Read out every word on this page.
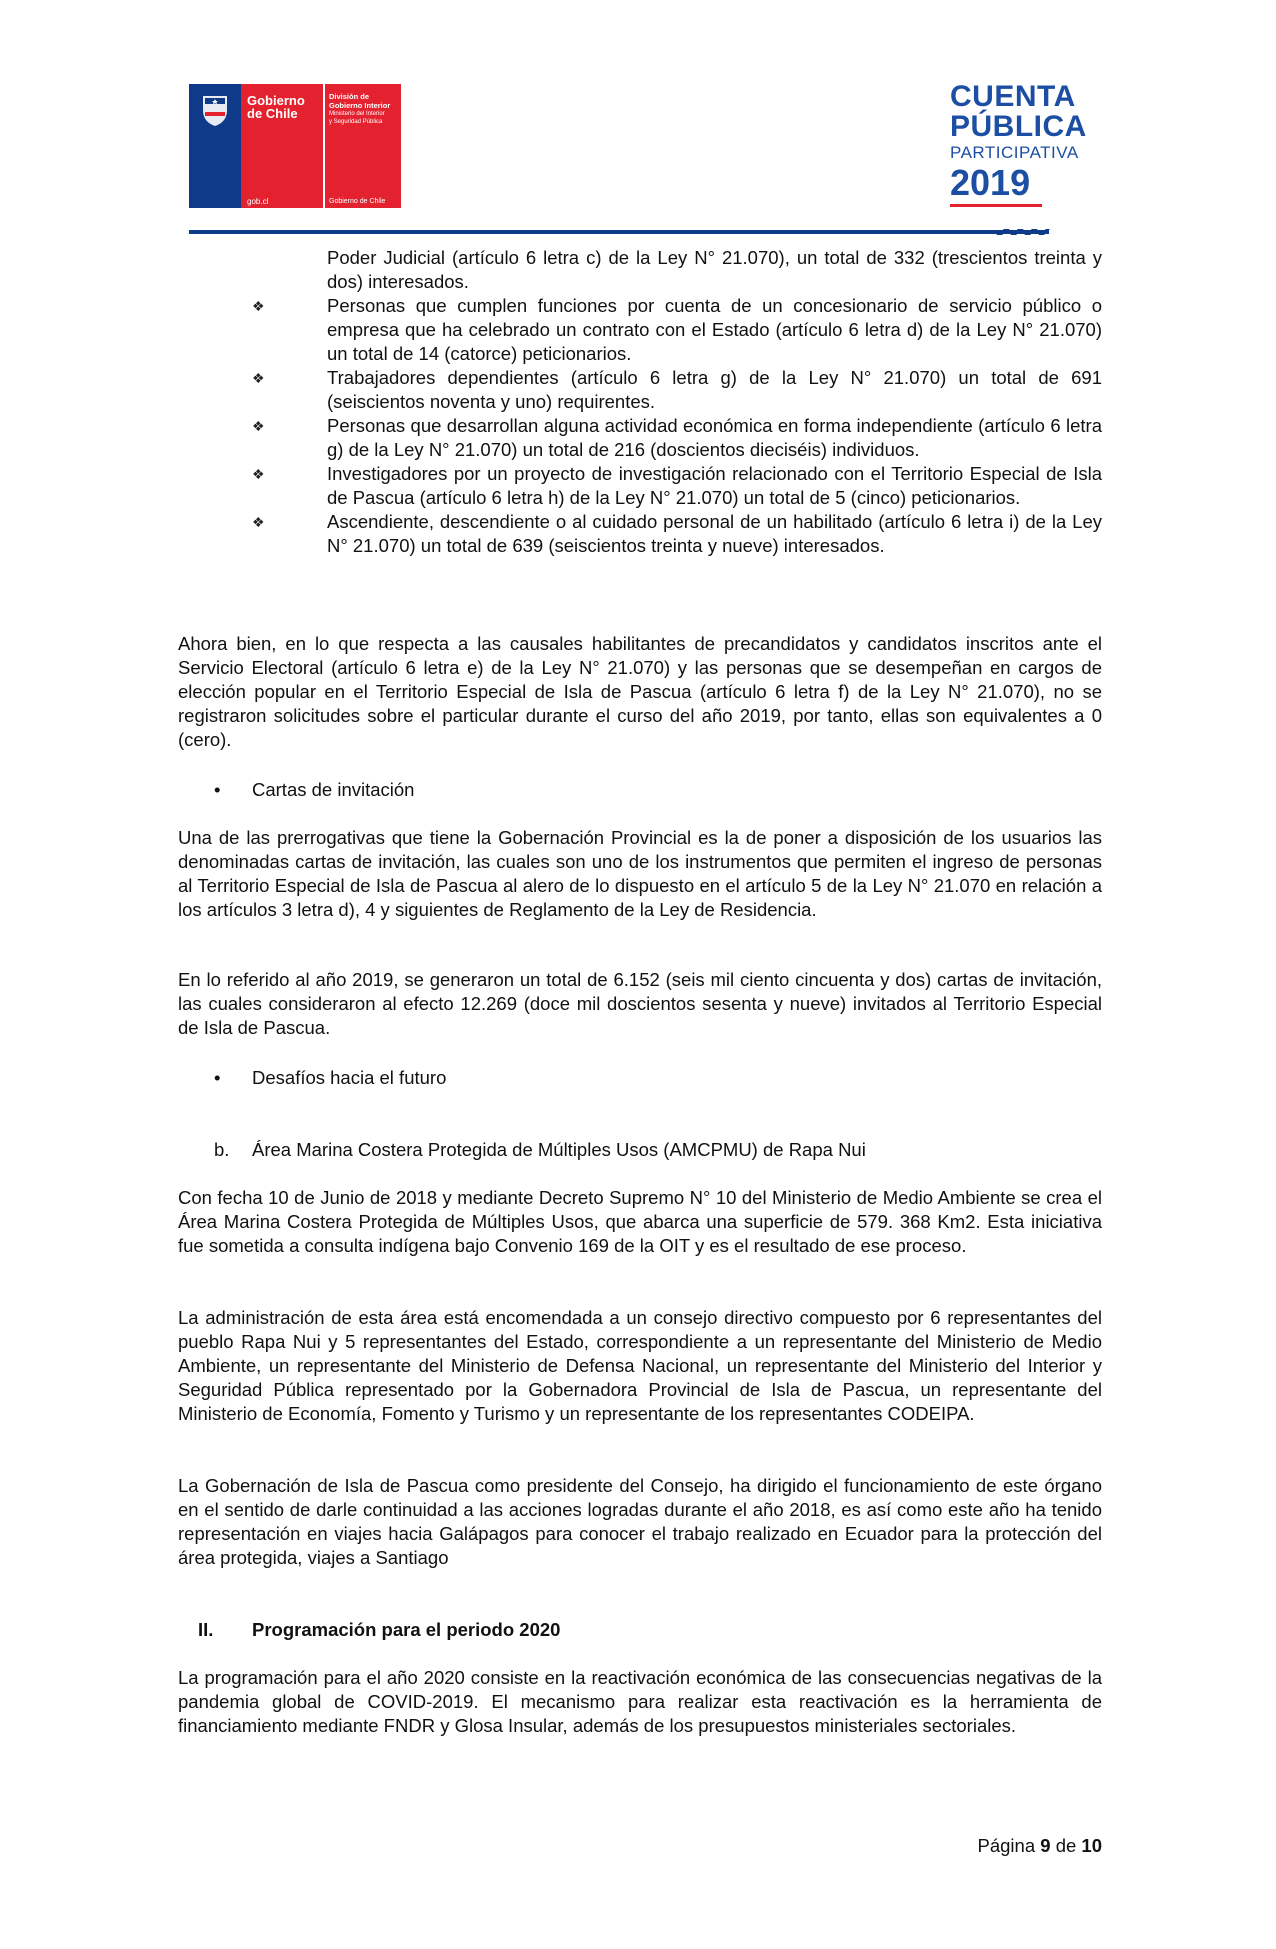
Gobierno
de Chile
gob.cl
División de
Gobierno Interior
Ministerio del Interior
y Seguridad Pública
Gobierno de Chile
CUENTA
PÚBLICA
PARTICIPATIVA
2019
Poder Judicial (artículo 6 letra c) de la Ley N° 21.070), un total de 332 (trescientos treinta y dos) interesados.
❖	Personas que cumplen funciones por cuenta de un concesionario de servicio público o empresa que ha celebrado un contrato con el Estado (artículo 6 letra d) de la Ley N° 21.070) un total de 14 (catorce) peticionarios.
❖	Trabajadores dependientes (artículo 6 letra g) de la Ley N° 21.070) un total de 691 (seiscientos noventa y uno) requirentes.
❖	Personas que desarrollan alguna actividad económica en forma independiente (artículo 6 letra g) de la Ley N° 21.070) un total de 216 (doscientos dieciséis) individuos.
❖	Investigadores por un proyecto de investigación relacionado con el Territorio Especial de Isla de Pascua (artículo 6 letra h) de la Ley N° 21.070) un total de 5 (cinco) peticionarios.
❖	Ascendiente, descendiente o al cuidado personal de un habilitado (artículo 6 letra i) de la Ley N° 21.070) un total de 639 (seiscientos treinta y nueve) interesados.

Ahora bien, en lo que respecta a las causales habilitantes de precandidatos y candidatos inscritos ante el Servicio Electoral (artículo 6 letra e) de la Ley N° 21.070) y las personas que se desempeñan en cargos de elección popular en el Territorio Especial de Isla de Pascua (artículo 6 letra f) de la Ley N° 21.070), no se registraron solicitudes sobre el particular durante el curso del año 2019, por tanto, ellas son equivalentes a 0 (cero).

• Cartas de invitación

Una de las prerrogativas que tiene la Gobernación Provincial es la de poner a disposición de los usuarios las denominadas cartas de invitación, las cuales son uno de los instrumentos que permiten el ingreso de personas al Territorio Especial de Isla de Pascua al alero de lo dispuesto en el artículo 5 de la Ley N° 21.070 en relación a los artículos 3 letra d), 4 y siguientes de Reglamento de la Ley de Residencia.

En lo referido al año 2019, se generaron un total de 6.152 (seis mil ciento cincuenta y dos) cartas de invitación, las cuales consideraron al efecto 12.269 (doce mil doscientos sesenta y nueve) invitados al Territorio Especial de Isla de Pascua.

• Desafíos hacia el futuro
b. Área Marina Costera Protegida de Múltiples Usos (AMCPMU) de Rapa Nui

Con fecha 10 de Junio de 2018 y mediante Decreto Supremo N° 10 del Ministerio de Medio Ambiente se crea el Área Marina Costera Protegida de Múltiples Usos, que abarca una superficie de 579. 368 Km2. Esta iniciativa fue sometida a consulta indígena bajo Convenio 169 de la OIT y es el resultado de ese proceso.

La administración de esta área está encomendada a un consejo directivo compuesto por 6 representantes del pueblo Rapa Nui y 5 representantes del Estado, correspondiente a un representante del Ministerio de Medio Ambiente, un representante del Ministerio de Defensa Nacional, un representante del Ministerio del Interior y Seguridad Pública representado por la Gobernadora Provincial de Isla de Pascua, un representante del Ministerio de Economía, Fomento y Turismo y un representante de los representantes CODEIPA.

La Gobernación de Isla de Pascua como presidente del Consejo, ha dirigido el funcionamiento de este órgano en el sentido de darle continuidad a las acciones logradas durante el año 2018, es así como este año ha tenido representación en viajes hacia Galápagos para conocer el trabajo realizado en Ecuador para la protección del área protegida, viajes a Santiago

II. Programación para el periodo 2020

La programación para el año 2020 consiste en la reactivación económica de las consecuencias negativas de la pandemia global de COVID-2019. El mecanismo para realizar esta reactivación es la herramienta de financiamiento mediante FNDR y Glosa Insular, además de los presupuestos ministeriales sectoriales.

Página 9 de 10
